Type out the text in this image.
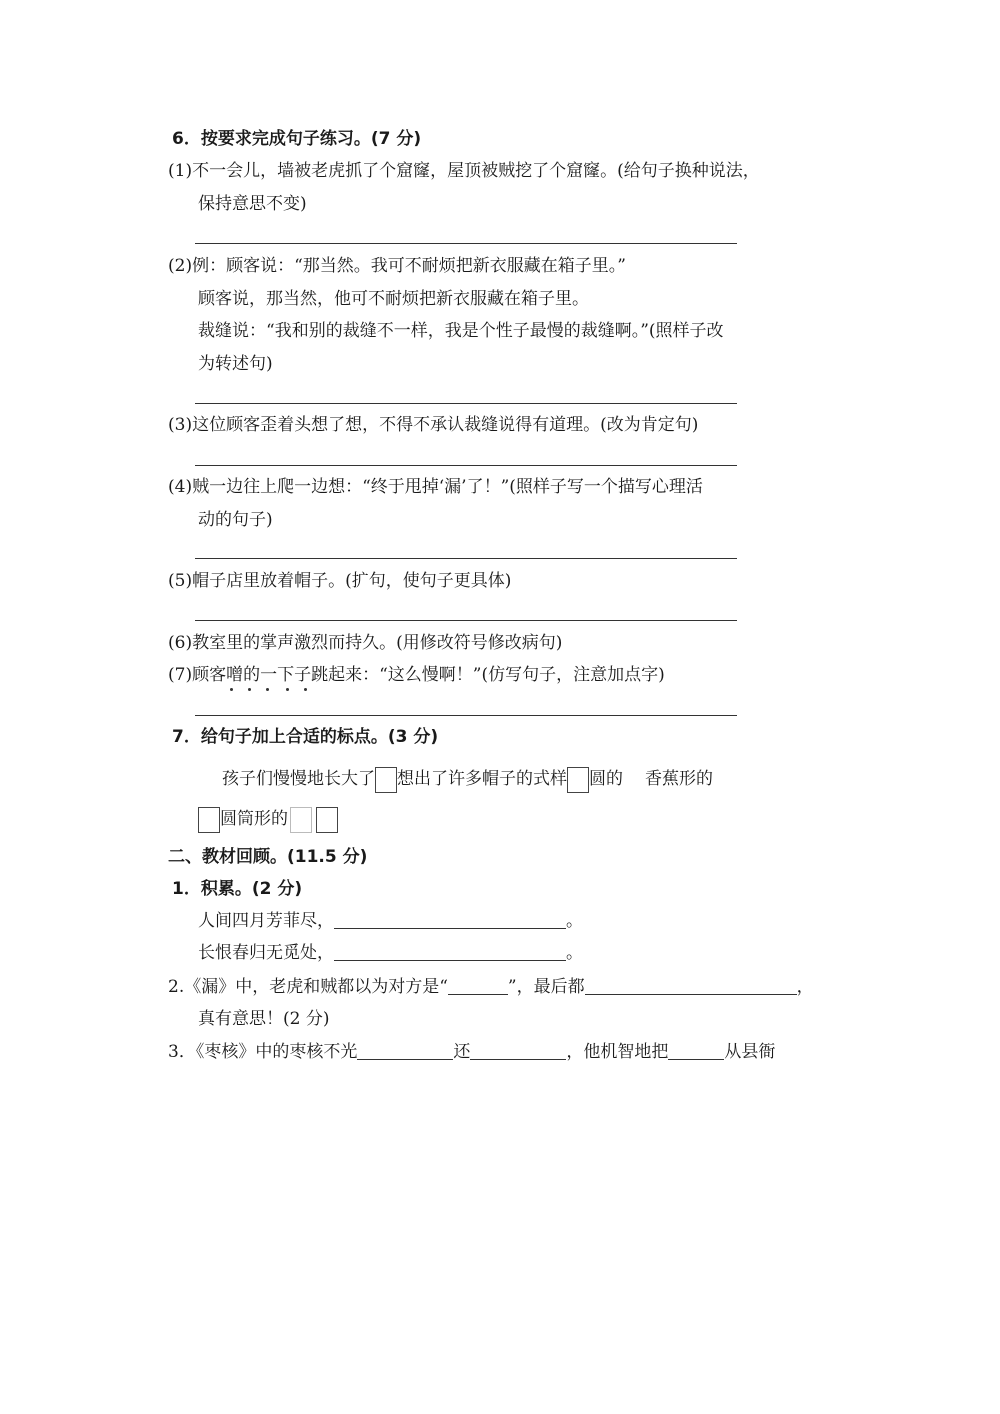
6．按要求完成句子练习。(7 分)
(1)不一会儿，墙被老虎抓了个窟窿，屋顶被贼挖了个窟窿。(给句子换种说法，
保持意思不变)
(2)例：顾客说：“那当然。我可不耐烦把新衣服藏在箱子里。”
顾客说，那当然，他可不耐烦把新衣服藏在箱子里。
裁缝说：“我和别的裁缝不一样，我是个性子最慢的裁缝啊。”(照样子改
为转述句)
(3)这位顾客歪着头想了想，不得不承认裁缝说得有道理。(改为肯定句)
(4)贼一边往上爬一边想：“终于甩掉‘漏’了！”(照样子写一个描写心理活
动的句子)
(5)帽子店里放着帽子。(扩句，使句子更具体)
(6)教室里的掌声激烈而持久。(用修改符号修改病句)
(7)顾客噌的一下子跳起来：“这么慢啊！”(仿写句子，注意加点字)
7．给句子加上合适的标点。(3 分)
孩子们慢慢地长大了 想出了许多帽子的式样 圆的 香蕉形的
圆筒形的
二、教材回顾。(11.5 分)
1．积累。(2 分)
人间四月芳菲尽，	。
长恨春归无觅处，	。
2.《漏》中，老虎和贼都以为对方是“	”，最后都	，
真有意思！(2 分)
3．《枣核》中的枣核不光	还	，他机智地把	从县衙
